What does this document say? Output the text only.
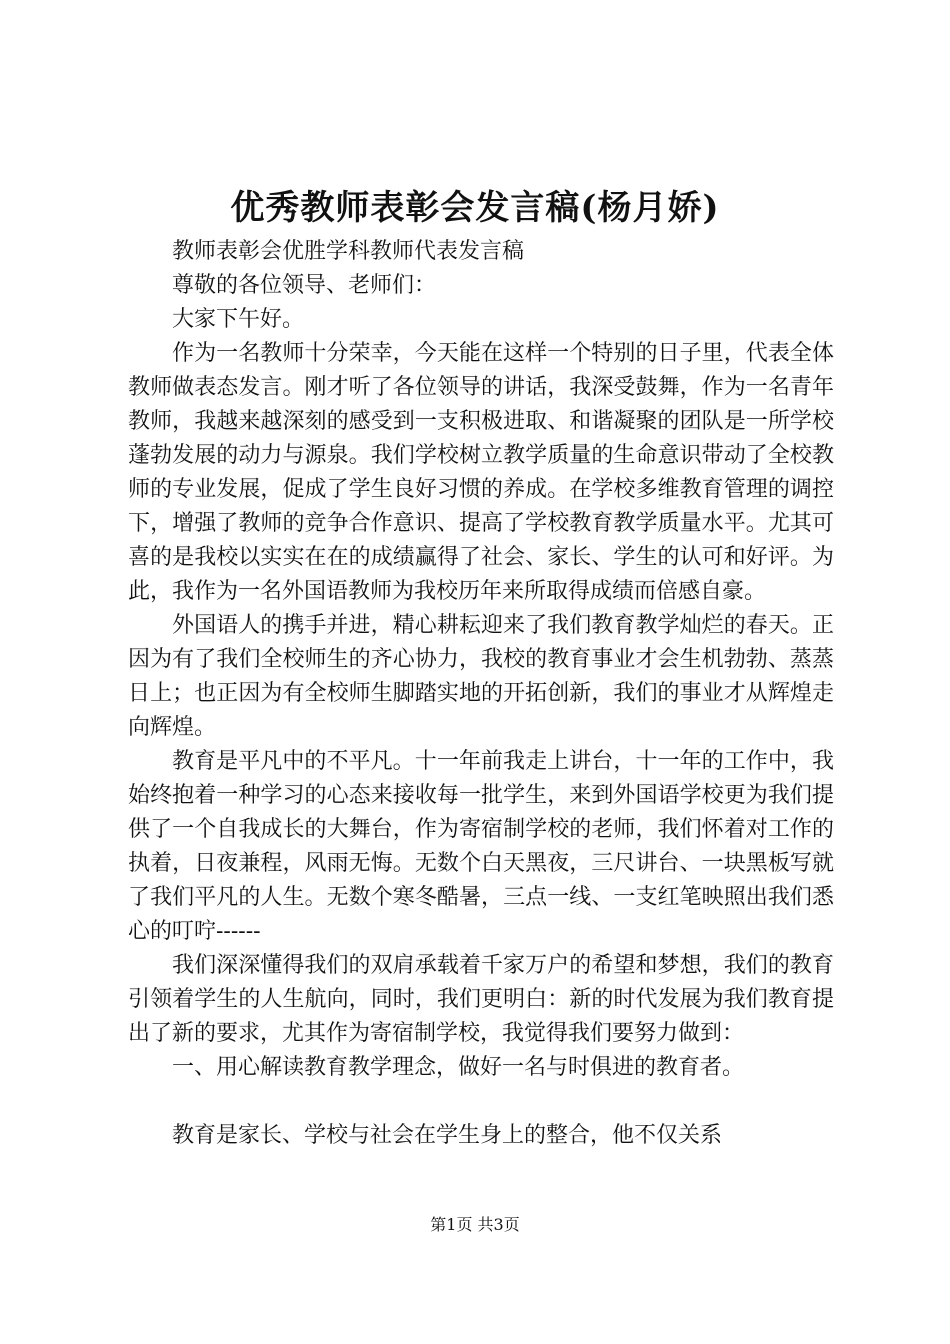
优秀教师表彰会发言稿(杨月娇)

教师表彰会优胜学科教师代表发言稿

尊敬的各位领导、老师们：

大家下午好。

作为一名教师十分荣幸，今天能在这样一个特别的日子里，代表全体教师做表态发言。刚才听了各位领导的讲话，我深受鼓舞，作为一名青年教师，我越来越深刻的感受到一支积极进取、和谐凝聚的团队是一所学校蓬勃发展的动力与源泉。我们学校树立教学质量的生命意识带动了全校教师的专业发展，促成了学生良好习惯的养成。在学校多维教育管理的调控下，增强了教师的竞争合作意识、提高了学校教育教学质量水平。尤其可喜的是我校以实实在在的成绩赢得了社会、家长、学生的认可和好评。为此，我作为一名外国语教师为我校历年来所取得成绩而倍感自豪。

外国语人的携手并进，精心耕耘迎来了我们教育教学灿烂的春天。正因为有了我们全校师生的齐心协力，我校的教育事业才会生机勃勃、蒸蒸日上；也正因为有全校师生脚踏实地的开拓创新，我们的事业才从辉煌走向辉煌。

教育是平凡中的不平凡。十一年前我走上讲台，十一年的工作中，我始终抱着一种学习的心态来接收每一批学生，来到外国语学校更为我们提供了一个自我成长的大舞台，作为寄宿制学校的老师，我们怀着对工作的执着，日夜兼程，风雨无悔。无数个白天黑夜，三尺讲台、一块黑板写就了我们平凡的人生。无数个寒冬酷暑，三点一线、一支红笔映照出我们悉心的叮咛------

我们深深懂得我们的双肩承载着千家万户的希望和梦想，我们的教育引领着学生的人生航向，同时，我们更明白：新的时代发展为我们教育提出了新的要求，尤其作为寄宿制学校，我觉得我们要努力做到：

一、用心解读教育教学理念，做好一名与时俱进的教育者。

教育是家长、学校与社会在学生身上的整合，他不仅关系

第1页 共3页
